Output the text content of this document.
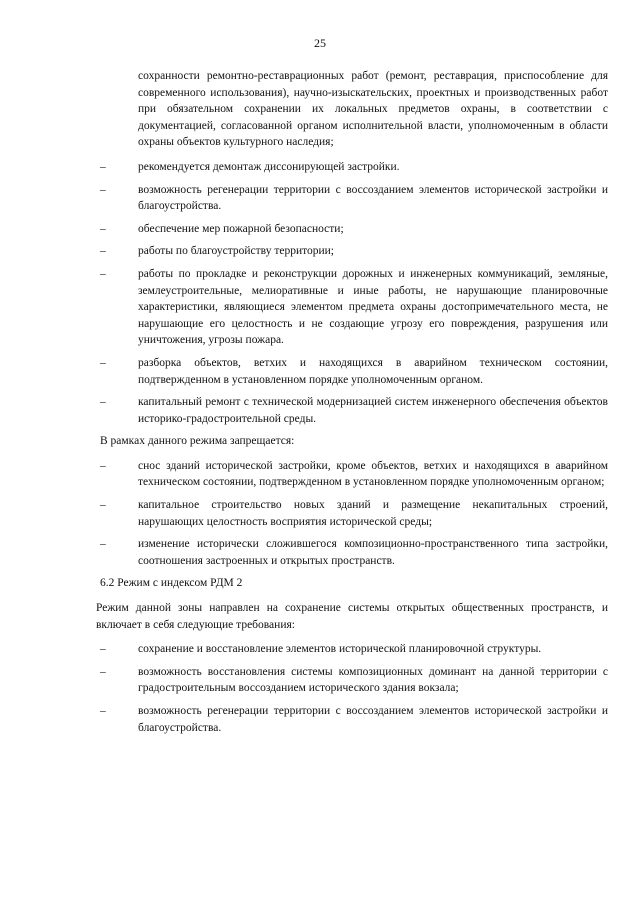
25
сохранности ремонтно-реставрационных работ (ремонт, реставрация, приспособление для современного использования), научно-изыскательских, проектных и производственных работ при обязательном сохранении их локальных предметов охраны, в соответствии с документацией, согласованной органом исполнительной власти, уполномоченным в области охраны объектов культурного наследия;
–	рекомендуется демонтаж диссонирующей застройки.
–	возможность регенерации территории с воссозданием элементов исторической застройки и благоустройства.
–	обеспечение мер пожарной безопасности;
–	работы по благоустройству территории;
–	работы по прокладке и реконструкции дорожных и инженерных коммуникаций, земляные, землеустроительные, мелиоративные и иные работы, не нарушающие планировочные характеристики, являющиеся элементом предмета охраны достопримечательного места, не нарушающие его целостность и не создающие угрозу его повреждения, разрушения или уничтожения, угрозы пожара.
–	разборка объектов, ветхих и находящихся в аварийном техническом состоянии, подтвержденном в установленном порядке уполномоченным органом.
–	капитальный ремонт с технической модернизацией систем инженерного обеспечения объектов историко-градостроительной среды.

В рамках данного режима запрещается:

–	снос зданий исторической застройки, кроме объектов, ветхих и находящихся в аварийном техническом состоянии, подтвержденном в установленном порядке уполномоченным органом;
–	капитальное строительство новых зданий и размещение некапитальных строений, нарушающих целостность восприятия исторической среды;
–	изменение исторически сложившегося композиционно-пространственного типа застройки, соотношения застроенных и открытых пространств.

6.2 Режим с индексом РДМ 2

Режим данной зоны направлен на сохранение системы открытых общественных пространств, и включает в себя следующие требования:

–	сохранение и восстановление элементов исторической планировочной структуры.
–	возможность восстановления системы композиционных доминант на данной территории с градостроительным воссозданием исторического здания вокзала;
–	возможность регенерации территории с воссозданием элементов исторической застройки и благоустройства.
